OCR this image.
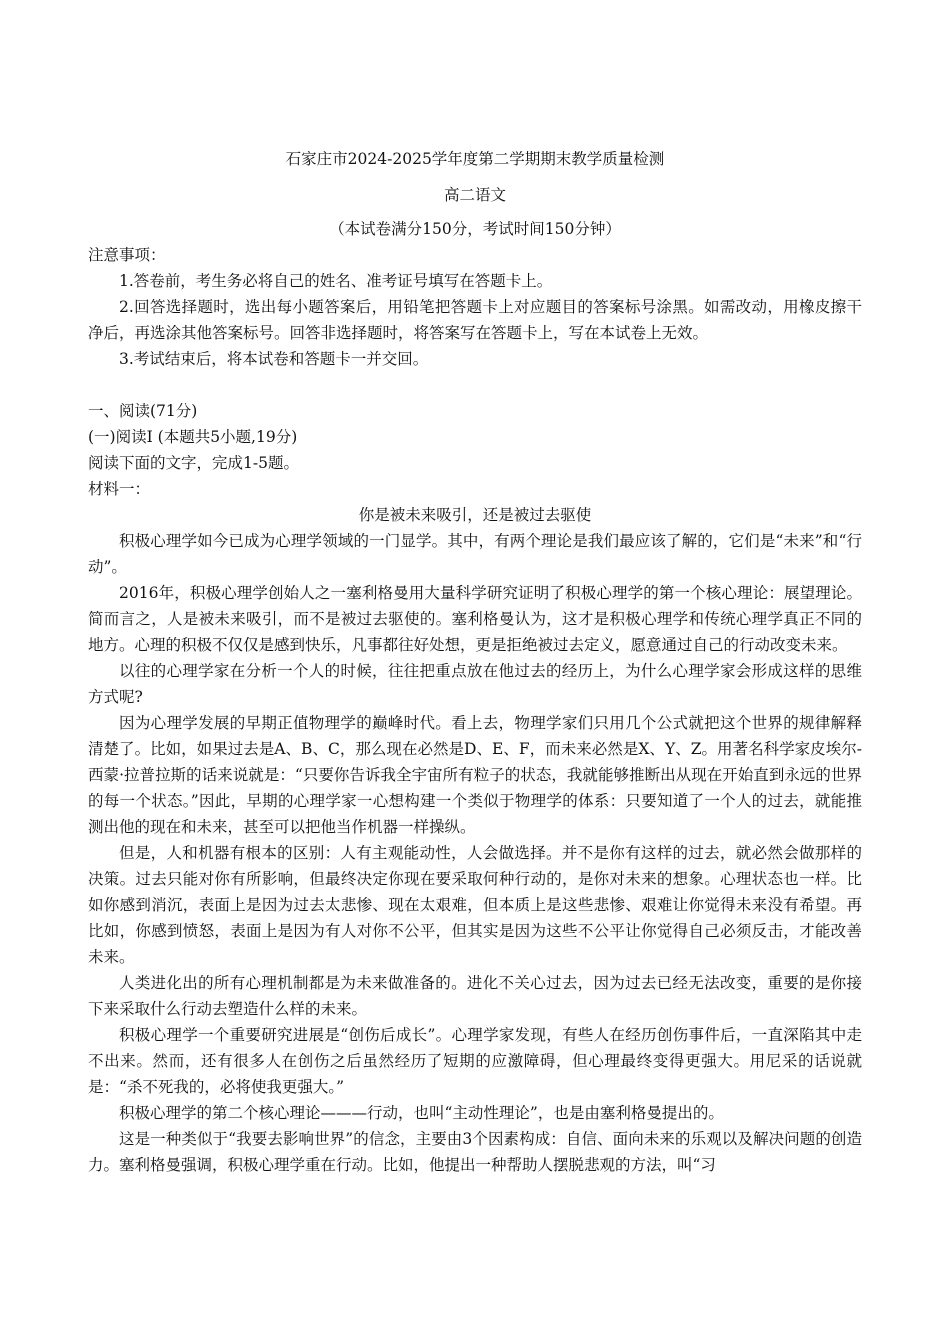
石家庄市2024-2025学年度第二学期期末教学质量检测
高二语文
（本试卷满分150分，考试时间150分钟）
注意事项：

1.答卷前，考生务必将自己的姓名、准考证号填写在答题卡上。

2.回答选择题时，选出每小题答案后，用铅笔把答题卡上对应题目的答案标号涂黑。如需改动，用橡皮擦干净后，再选涂其他答案标号。回答非选择题时，将答案写在答题卡上，写在本试卷上无效。

3.考试结束后，将本试卷和答题卡一并交回。

一、阅读(71分)
(一)阅读Ⅰ (本题共5小题,19分)
阅读下面的文字，完成1-5题。
材料一：
你是被未来吸引，还是被过去驱使

积极心理学如今已成为心理学领域的一门显学。其中，有两个理论是我们最应该了解的，它们是“未来”和“行动”。

2016年，积极心理学创始人之一塞利格曼用大量科学研究证明了积极心理学的第一个核心理论：展望理论。简而言之，人是被未来吸引，而不是被过去驱使的。塞利格曼认为，这才是积极心理学和传统心理学真正不同的地方。心理的积极不仅仅是感到快乐，凡事都往好处想，更是拒绝被过去定义，愿意通过自己的行动改变未来。

以往的心理学家在分析一个人的时候，往往把重点放在他过去的经历上，为什么心理学家会形成这样的思维方式呢?

因为心理学发展的早期正值物理学的巅峰时代。看上去，物理学家们只用几个公式就把这个世界的规律解释清楚了。比如，如果过去是A、B、C，那么现在必然是D、E、F，而未来必然是X、Y、Z。用著名科学家皮埃尔-西蒙·拉普拉斯的话来说就是：“只要你告诉我全宇宙所有粒子的状态，我就能够推断出从现在开始直到永远的世界的每一个状态。”因此，早期的心理学家一心想构建一个类似于物理学的体系：只要知道了一个人的过去，就能推测出他的现在和未来，甚至可以把他当作机器一样操纵。

但是，人和机器有根本的区别：人有主观能动性，人会做选择。并不是你有这样的过去，就必然会做那样的决策。过去只能对你有所影响，但最终决定你现在要采取何种行动的，是你对未来的想象。心理状态也一样。比如你感到消沉，表面上是因为过去太悲惨、现在太艰难，但本质上是这些悲惨、艰难让你觉得未来没有希望。再比如，你感到愤怒，表面上是因为有人对你不公平，但其实是因为这些不公平让你觉得自己必须反击，才能改善未来。

人类进化出的所有心理机制都是为未来做准备的。进化不关心过去，因为过去已经无法改变，重要的是你接下来采取什么行动去塑造什么样的未来。

积极心理学一个重要研究进展是“创伤后成长”。心理学家发现，有些人在经历创伤事件后，一直深陷其中走不出来。然而，还有很多人在创伤之后虽然经历了短期的应激障碍，但心理最终变得更强大。用尼采的话说就是：“杀不死我的，必将使我更强大。”

积极心理学的第二个核心理论———行动，也叫“主动性理论”，也是由塞利格曼提出的。

这是一种类似于“我要去影响世界”的信念，主要由3个因素构成：自信、面向未来的乐观以及解决问题的创造力。塞利格曼强调，积极心理学重在行动。比如，他提出一种帮助人摆脱悲观的方法，叫“习
